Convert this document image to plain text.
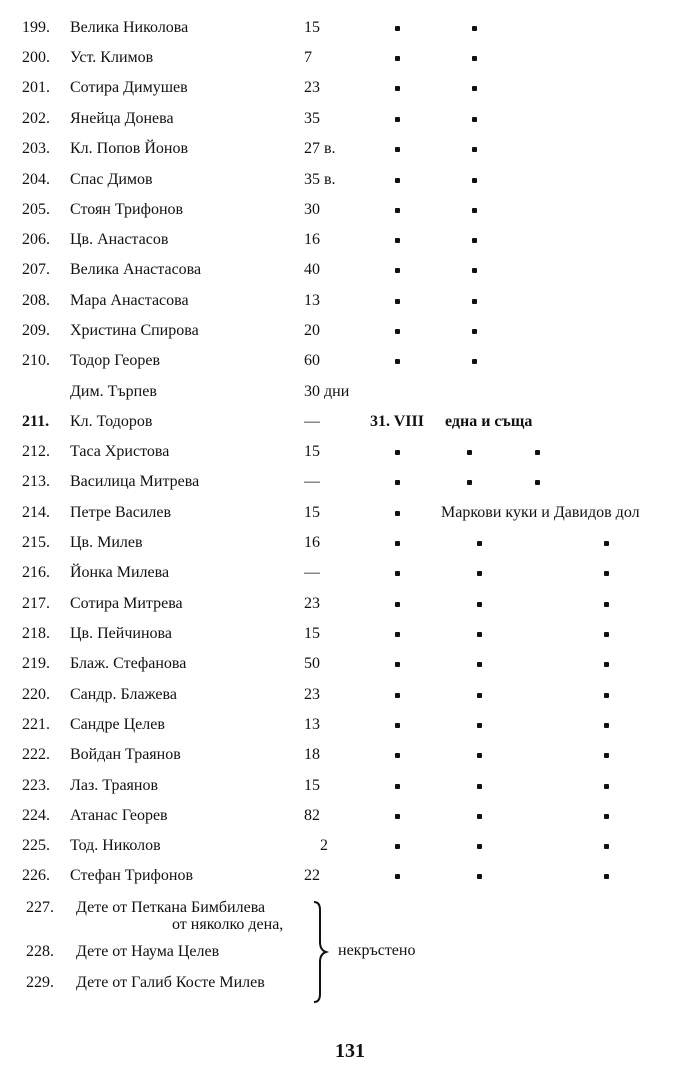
199. Велика Николова	15
200. Уст. Климов	7
201. Сотира Димушев	23
202. Янейца Донева	35
203. Кл. Попов Йонов	27 в.
204. Спас Димов	35 в.
205. Стоян Трифонов	30
206. Цв. Анастасов	16
207. Велика Анастасова	40
208. Мара Анастасова	13
209. Христина Спирова	20
210. Тодор Георев	60
Дим. Търпев	30 дни
211. Кл. Тодоров	—	31. VIII една и съща
212. Таса Христова	15
213. Василица Митрева	—
214. Петре Василев	15	Маркови куки и Давидов дол
215. Цв. Милев	16
216. Йонка Милева	—
217. Сотира Митрева	23
218. Цв. Пейчинова	15
219. Блаж. Стефанова	50
220. Сандр. Блажева	23
221. Сандре Целев	13
222. Войдан Траянов	18
223. Лаз. Траянов	15
224. Атанас Георев	82
225. Тод. Николов	2
226. Стефан Трифонов	22
227. Дете от Петкана Бимбилева
от няколко дена,
228. Дете от Наума Целев
229. Дете от Галиб Косте Милев
некръстено
131
